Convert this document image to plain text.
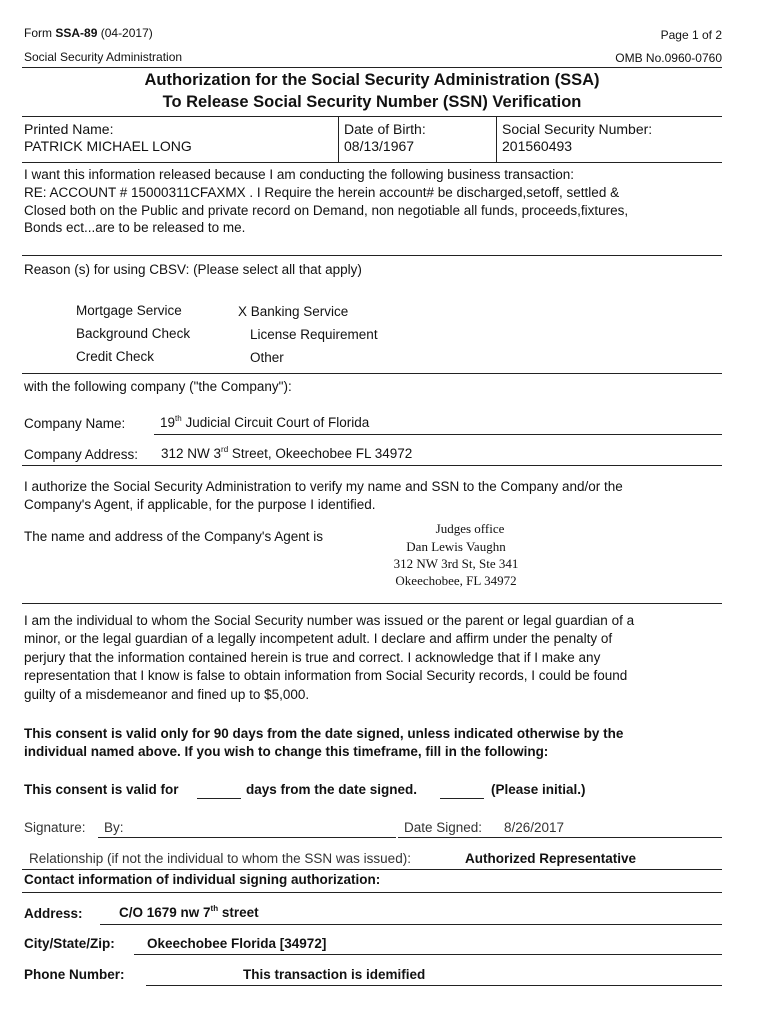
Form SSA-89 (04-2017)	Page 1 of 2
Social Security Administration	OMB No.0960-0760
Authorization for the Social Security Administration (SSA)
To Release Social Security Number (SSN) Verification
Printed Name:
PATRICK MICHAEL LONG
Date of Birth:
08/13/1967
Social Security Number:
201560493
I want this information released because I am conducting the following business transaction:
RE: ACCOUNT # 15000311CFAXMX . I Require the herein account# be discharged,setoff, settled &
Closed both on the Public and private record on Demand, non negotiable all funds, proceeds,fixtures,
Bonds ect...are to be released to me.
Reason (s) for using CBSV: (Please select all that apply)
Mortgage Service
Background Check
Credit Check
X Banking Service
License Requirement
Other
with the following company ("the Company"):
Company Name:	19th Judicial Circuit Court of Florida
Company Address: 312 NW 3rd Street, Okeechobee FL 34972
I authorize the Social Security Administration to verify my name and SSN to the Company and/or the
Company's Agent, if applicable, for the purpose I identified.
The name and address of the Company's Agent is
Judges office
Dan Lewis Vaughn
312 NW 3rd St, Ste 341
Okeechobee, FL 34972
I am the individual to whom the Social Security number was issued or the parent or legal guardian of a
minor, or the legal guardian of a legally incompetent adult. I declare and affirm under the penalty of
perjury that the information contained herein is true and correct. I acknowledge that if I make any
representation that I know is false to obtain information from Social Security records, I could be found
guilty of a misdemeanor and fined up to $5,000.
This consent is valid only for 90 days from the date signed, unless indicated otherwise by the
individual named above. If you wish to change this timeframe, fill in the following:
This consent is valid for	days from the date signed.	(Please initial.)
Signature: By:	Date Signed: 8/26/2017
Relationship (if not the individual to whom the SSN was issued):	Authorized Representative
Contact information of individual signing authorization:
Address:	C/O 1679 nw 7th street
City/State/Zip: Okeechobee Florida [34972]
Phone Number:	This transaction is idemified
